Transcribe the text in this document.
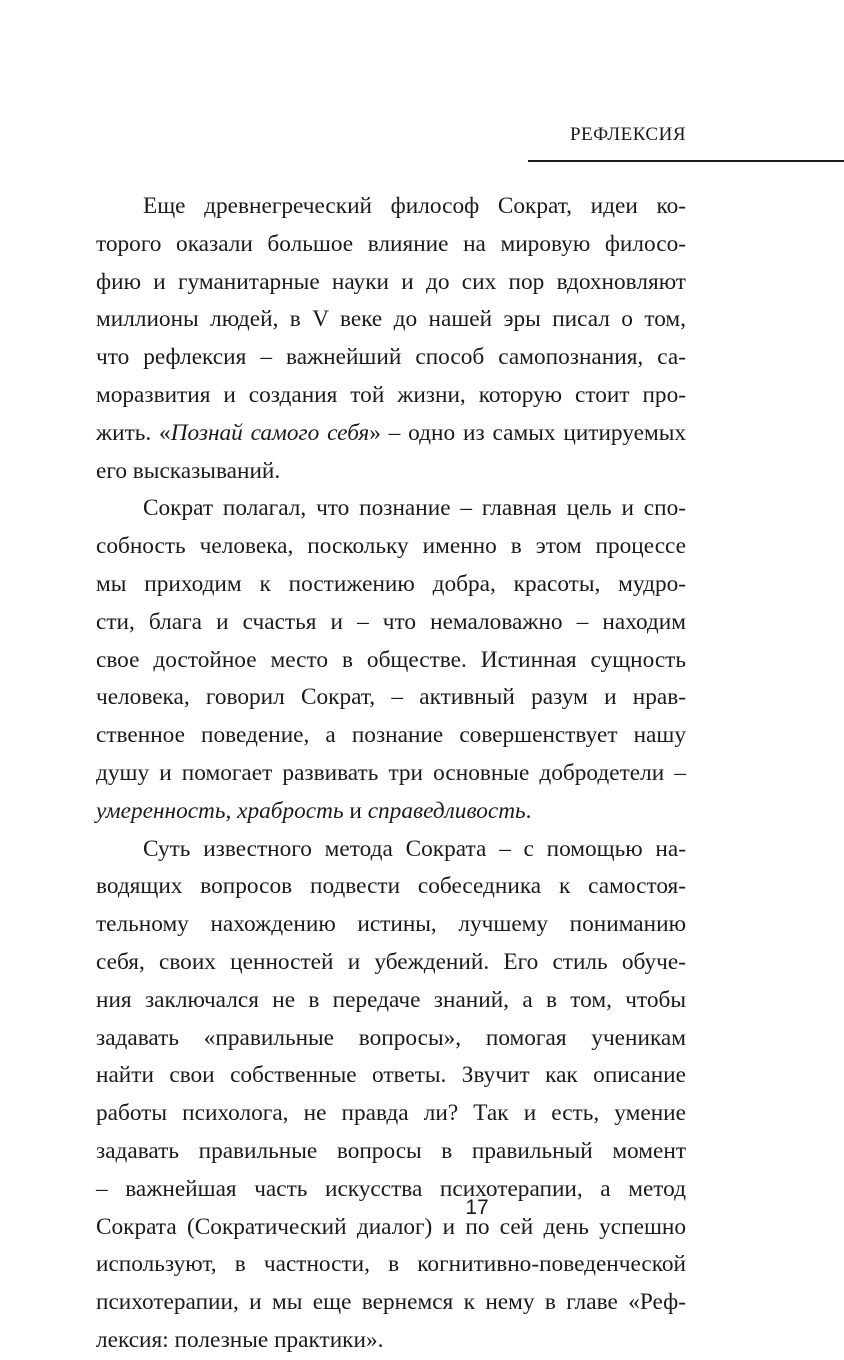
РЕФЛЕКСИЯ
Еще древнегреческий философ Сократ, идеи ко-
торого оказали большое влияние на мировую филосо-
фию и гуманитарные науки и до сих пор вдохновляют
миллионы людей, в V веке до нашей эры писал о том,
что рефлексия – важнейший способ самопознания, са-
моразвития и создания той жизни, которую стоит про-
жить. «Познай самого себя» – одно из самых цитируемых
его высказываний.
Сократ полагал, что познание – главная цель и спо-
собность человека, поскольку именно в этом процессе
мы приходим к постижению добра, красоты, мудро-
сти, блага и счастья и – что немаловажно – находим
свое достойное место в обществе. Истинная сущность
человека, говорил Сократ, – активный разум и нрав-
ственное поведение, а познание совершенствует нашу
душу и помогает развивать три основные добродетели –
умеренность, храбрость и справедливость.
Суть известного метода Сократа – с помощью на-
водящих вопросов подвести собеседника к самостоя-
тельному нахождению истины, лучшему пониманию
себя, своих ценностей и убеждений. Его стиль обуче-
ния заключался не в передаче знаний, а в том, чтобы
задавать «правильные вопросы», помогая ученикам
найти свои собственные ответы. Звучит как описание
работы психолога, не правда ли? Так и есть, умение
задавать правильные вопросы в правильный момент
– важнейшая часть искусства психотерапии, а метод
Сократа (Сократический диалог) и по сей день успешно
используют, в частности, в когнитивно-поведенческой
психотерапии, и мы еще вернемся к нему в главе «Реф-
лексия: полезные практики».
17
